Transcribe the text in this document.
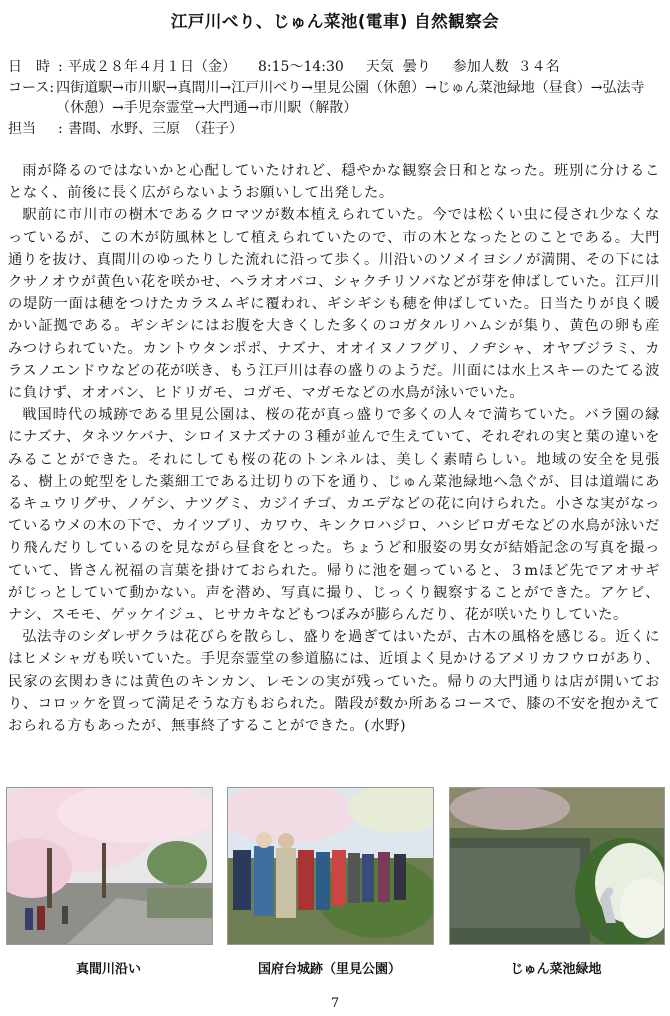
江戸川べり、じゅん菜池(電車) 自然観察会
日　時 : 平成２８年４月１日（金） 8:15～14:30 天気
曇り 参加人数
３４名
コース : 四街道駅→市川駅→真間川→江戸川べり→里見公園（休憩）→じゅん菜池緑地（昼食）→弘法寺（休憩）→手児奈霊堂→大門通→市川駅（解散）
担当	: 書間、水野、三原　（荘子）

雨が降るのではないかと心配していたけれど、穏やかな観察会日和となった。班別に分けることなく、前後に長く広がらないようお願いして出発した。

駅前に市川市の樹木であるクロマツが数本植えられていた。今では松くい虫に侵され少なくなっているが、この木が防風林として植えられていたので、市の木となったとのことである。大門通りを抜け、真間川のゆったりした流れに沿って歩く。川沿いのソメイヨシノが満開、その下にはクサノオウが黄色い花を咲かせ、ヘラオオバコ、シャクチリソバなどが芽を伸ばしていた。江戸川の堤防一面は穂をつけたカラスムギに覆われ、ギシギシも穂を伸ばしていた。日当たりが良く暖かい証拠である。ギシギシにはお腹を大きくした多くのコガタルリハムシが集り、黄色の卵も産みつけられていた。カントウタンポポ、ナズナ、オオイヌノフグリ、ノヂシャ、オヤブジラミ、カラスノエンドウなどの花が咲き、もう江戸川は春の盛りのようだ。川面には水上スキーのたてる波に負けず、オオバン、ヒドリガモ、コガモ、マガモなどの水鳥が泳いでいた。

戦国時代の城跡である里見公園は、桜の花が真っ盛りで多くの人々で満ちていた。バラ園の縁にナズナ、タネツケバナ、シロイヌナズナの３種が並んで生えていて、それぞれの実と葉の違いをみることができた。それにしても桜の花のトンネルは、美しく素晴らしい。地域の安全を見張る、樹上の蛇型をした薬細工である辻切りの下を通り、じゅん菜池緑地へ急ぐが、目は道端にあるキュウリグサ、ノゲシ、ナツグミ、カジイチゴ、カエデなどの花に向けられた。小さな実がなっているウメの木の下で、カイツブリ、カワウ、キンクロハジロ、ハシビロガモなどの水鳥が泳いだり飛んだりしているのを見ながら昼食をとった。ちょうど和服姿の男女が結婚記念の写真を撮っていて、皆さん祝福の言葉を掛けておられた。帰りに池を廻っていると、３mほど先でアオサギがじっとしていて動かない。声を潜め、写真に撮り、じっくり観察することができた。アケビ、ナシ、スモモ、ゲッケイジュ、ヒサカキなどもつぼみが膨らんだり、花が咲いたりしていた。

弘法寺のシダレザクラは花びらを散らし、盛りを過ぎてはいたが、古木の風格を感じる。近くにはヒメシャガも咲いていた。手児奈霊堂の参道脇には、近頃よく見かけるアメリカフウロがあり、民家の玄関わきには黄色のキンカン、レモンの実が残っていた。帰りの大門通りは店が開いており、コロッケを買って満足そうな方もおられた。階段が数か所あるコースで、膝の不安を抱かえておられる方もあったが、無事終了することができた。(水野)

真間川沿い	国府台城跡（里見公園）	じゅん菜池緑地
7
